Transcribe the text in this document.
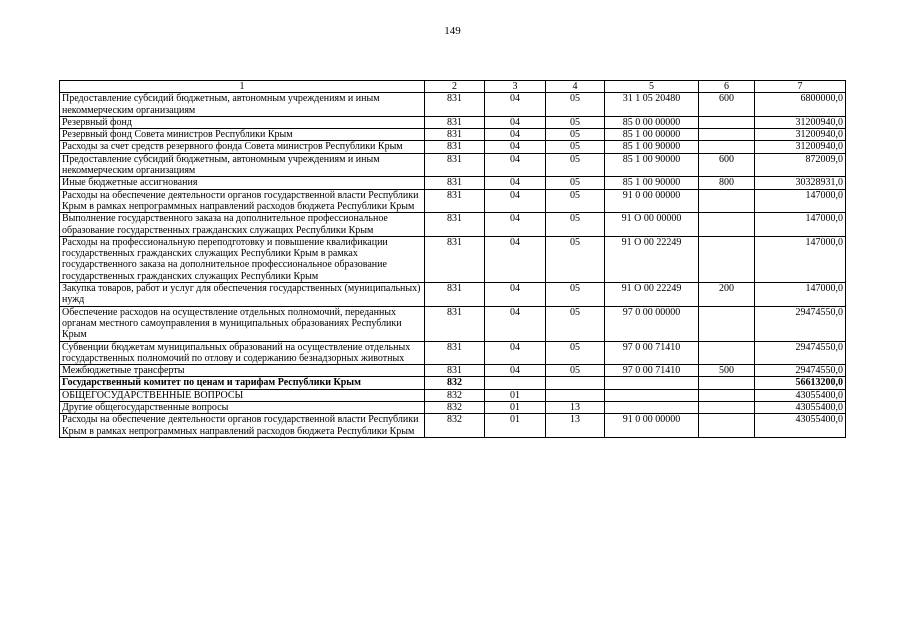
149
1	2	3	4	5	6	7
Предоставление субсидий бюджетным, автономным учреждениям и иным некоммерческим организациям	831	04	05	31 1 05 20480	600	6800000,0
Резервный фонд	831	04	05	85 0 00 00000		31200940,0
Резервный фонд Совета министров Республики Крым	831	04	05	85 1 00 00000		31200940,0
Расходы за счет средств резервного фонда Совета министров Республики Крым	831	04	05	85 1 00 90000		31200940,0
Предоставление субсидий бюджетным, автономным учреждениям и иным некоммерческим организациям	831	04	05	85 1 00 90000	600	872009,0
Иные бюджетные ассигнования	831	04	05	85 1 00 90000	800	30328931,0
Расходы на обеспечение деятельности органов государственной власти Республики Крым в рамках непрограммных направлений расходов бюджета Республики Крым	831	04	05	91 0 00 00000		147000,0
Выполнение государственного заказа на дополнительное профессиональное образование государственных гражданских служащих Республики Крым	831	04	05	91 О 00 00000		147000,0
Расходы на профессиональную переподготовку и повышение квалификации государственных гражданских служащих Республики Крым в рамках государственного заказа на дополнительное профессиональное образование государственных гражданских служащих Республики Крым	831	04	05	91 О 00 22249		147000,0
Закупка товаров, работ и услуг для обеспечения государственных (муниципальных) нужд	831	04	05	91 О 00 22249	200	147000,0
Обеспечение расходов на осуществление отдельных полномочий, переданных органам местного самоуправления в муниципальных образованиях Республики Крым	831	04	05	97 0 00 00000		29474550,0
Субвенции бюджетам муниципальных образований на осуществление отдельных государственных полномочий по отлову и содержанию безнадзорных животных	831	04	05	97 0 00 71410		29474550,0
Межбюджетные трансферты	831	04	05	97 0 00 71410	500	29474550,0
Государственный комитет по ценам и тарифам Республики Крым	832					56613200,0
ОБЩЕГОСУДАРСТВЕННЫЕ ВОПРОСЫ	832	01				43055400,0
Другие общегосударственные вопросы	832	01	13			43055400,0
Расходы на обеспечение деятельности органов государственной власти Республики Крым в рамках непрограммных направлений расходов бюджета Республики Крым	832	01	13	91 0 00 00000		43055400,0
